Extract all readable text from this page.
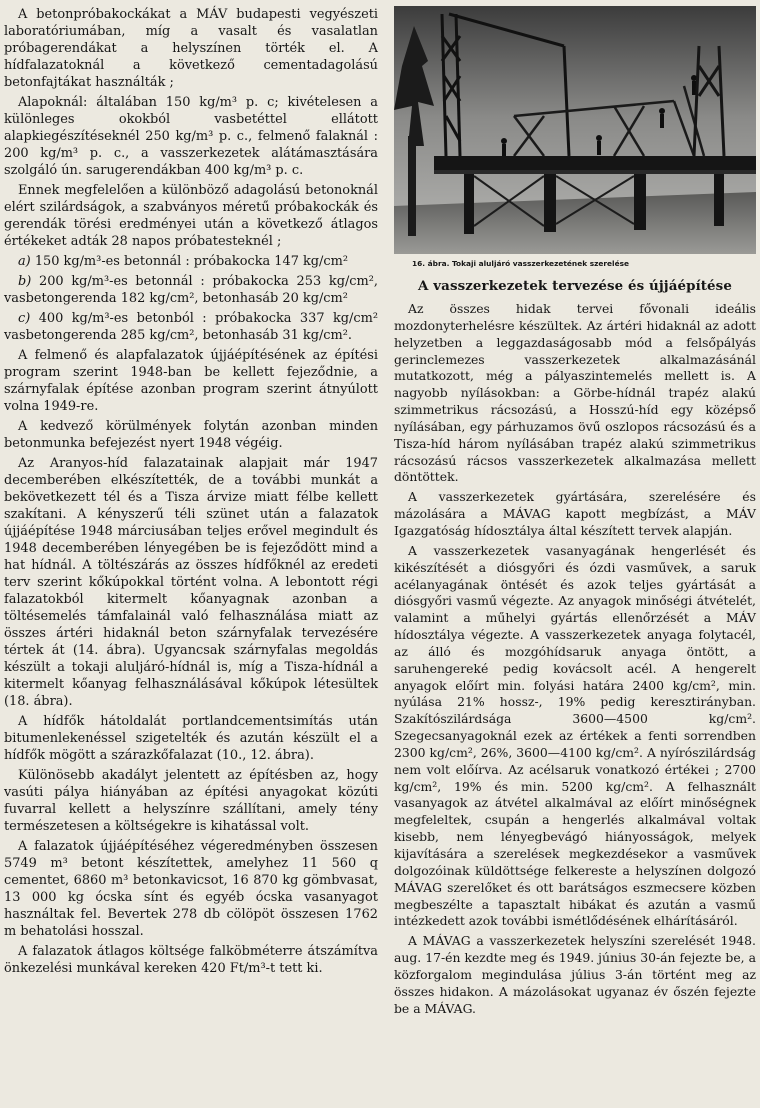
A betonpróbakockákat a MÁV budapesti vegyészeti laboratóriumában, míg a vasalt és vasalatlan próbagerendákat a helyszínen törték el. A hídfalazatoknál a következő cementadagolású betonfajtákat használták ;

Alapoknál: általában 150 kg/m³ p. c; kivételesen a különleges okokból vasbetéttel ellátott alapkiegészítéseknél 250 kg/m³ p. c., felmenő falaknál : 200 kg/m³ p. c., a vasszerkezetek alátámasztására szolgáló ún. sarugerendákban 400 kg/m³ p. c.

Ennek megfelelően a különböző adagolású betonoknál elért szilárdságok, a szabványos méretű próbakockák és gerendák törési eredményei után a következő átlagos értékeket adták 28 napos próbatesteknél ;

a) 150 kg/m³-es betonnál : próbakocka 147 kg/cm²

b) 200 kg/m³-es betonnál : próbakocka 253 kg/cm², vasbetongerenda 182 kg/cm², betonhasáb 20 kg/cm²

c) 400 kg/m³-es betonból : próbakocka 337 kg/cm² vasbetongerenda 285 kg/cm², betonhasáb 31 kg/cm².

A felmenő és alapfalazatok újjáépítésének az építési program szerint 1948-ban be kellett fejeződnie, a szárnyfalak építése azonban program szerint átnyúlott volna 1949-re.

A kedvező körülmények folytán azonban minden betonmunka befejezést nyert 1948 végéig.

Az Aranyos-híd falazatainak alapjait már 1947 decemberében elkészítették, de a további munkát a bekövetkezett tél és a Tisza árvize miatt félbe kellett szakítani. A kényszerű téli szünet után a falazatok újjáépítése 1948 márciusában teljes erővel megindult és 1948 decemberében lényegében be is fejeződött mind a hat hídnál. A töltészárás az összes hídfőknél az eredeti terv szerint kőkúpokkal történt volna. A lebontott régi falazatokból kitermelt kőanyagnak azonban a töltésemelés támfalainál való felhasználása miatt az összes ártéri hidaknál beton szárnyfalak tervezésére tértek át (14. ábra). Ugyancsak szárnyfalas megoldás készült a tokaji aluljáró-hídnál is, míg a Tisza-hídnál a kitermelt kőanyag felhasználásával kőkúpok létesültek (18. ábra).

A hídfők hátoldalát portlandcementsimítás után bitumenlekenéssel szigetelték és azután készült el a hídfők mögött a szárazkőfalazat (10., 12. ábra).

Különösebb akadályt jelentett az építésben az, hogy vasúti pálya hiányában az építési anyagokat közúti fuvarral kellett a helyszínre szállítani, amely tény természetesen a költségekre is kihatással volt.

A falazatok újjáépítéséhez végeredményben összesen 5749 m³ betont készítettek, amelyhez 11 560 q cementet, 6860 m³ betonkavicsot, 16 870 kg gömbvasat, 13 000 kg ócska sínt és egyéb ócska vasanyagot használtak fel. Bevertek 278 db cölöpöt összesen 1762 m behatolási hosszal.

A falazatok átlagos költsége falköbméterre átszámítva önkezelési munkával kereken 420 Ft/m³-t tett ki.

16. ábra. Tokaji aluljáró vasszerkezetének szerelése
A vasszerkezetek tervezése és újjáépítése

Az összes hidak tervei fővonali ideális mozdonyterhelésre készültek. Az ártéri hidaknál az adott helyzetben a leggazdaságosabb mód a felsőpályás gerinclemezes vasszerkezetek alkalmazásánál mutatkozott, még a pályaszintemelés mellett is. A nagyobb nyílásokban: a Görbe-hídnál trapéz alakú szimmetrikus rácsozású, a Hosszú-híd egy középső nyílásában, egy párhuzamos övű oszlopos rácsozású és a Tisza-híd három nyílásában trapéz alakú szimmetrikus rácsozású rácsos vasszerkezetek alkalmazása mellett döntöttek.

A vasszerkezetek gyártására, szerelésére és mázolására a MÁVAG kapott megbízást, a MÁV Igazgatóság hídosztálya által készített tervek alapján.

A vasszerkezetek vasanyagának hengerlését és kikészítését a diósgyőri és ózdi vasművek, a saruk acélanyagának öntését és azok teljes gyártását a diósgyőri vasmű végezte. Az anyagok minőségi átvételét, valamint a műhelyi gyártás ellenőrzését a MÁV hídosztálya végezte. A vasszerkezetek anyaga folytacél, az álló és mozgóhídsaruk anyaga öntött, a saruhengereké pedig kovácsolt acél. A hengerelt anyagok előírt min. folyási határa 2400 kg/cm², min. nyúlása 21% hossz-, 19% pedig keresztirányban. Szakítószilárdsága 3600—4500 kg/cm². Szegecsanyagoknál ezek az értékek a fenti sorrendben 2300 kg/cm², 26%, 3600—4100 kg/cm². A nyírószilárdság nem volt előírva. Az acélsaruk vonatkozó értékei ; 2700 kg/cm², 19% és min. 5200 kg/cm². A felhasznált vasanyagok az átvétel alkalmával az előírt minőségnek megfeleltek, csupán a hengerlés alkalmával voltak kisebb, nem lényegbevágó hiányosságok, melyek kijavítására a szerelések megkezdésekor a vasművek dolgozóinak küldöttsége felkereste a helyszínen dolgozó MÁVAG szerelőket és ott barátságos eszmecsere közben megbeszélte a tapasztalt hibákat és azután a vasmű intézkedett azok további ismétlődésének elhárításáról.

A MÁVAG a vasszerkezetek helyszíni szerelését 1948. aug. 17-én kezdte meg és 1949. június 30-án fejezte be, a közforgalom megindulása július 3-án történt meg az összes hidakon. A mázolásokat ugyanaz év őszén fejezte be a MÁVAG.
